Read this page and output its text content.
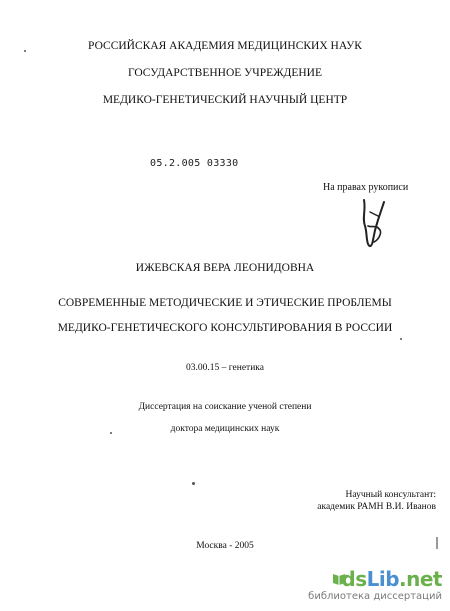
РОССИЙСКАЯ АКАДЕМИЯ МЕДИЦИНСКИХ НАУК
ГОСУДАРСТВЕННОЕ УЧРЕЖДЕНИЕ
МЕДИКО-ГЕНЕТИЧЕСКИЙ НАУЧНЫЙ ЦЕНТР
05.2.005 03330
На правах рукописи
ИЖЕВСКАЯ ВЕРА ЛЕОНИДОВНА
СОВРЕМЕННЫЕ МЕТОДИЧЕСКИЕ И ЭТИЧЕСКИЕ ПРОБЛЕМЫ
МЕДИКО-ГЕНЕТИЧЕСКОГО КОНСУЛЬТИРОВАНИЯ В РОССИИ
03.00.15 – генетика
Диссертация на соискание ученой степени
доктора медицинских наук
Научный консультант:
академик РАМН В.И. Иванов
Москва - 2005
dsLib.net
библиотека диссертаций
